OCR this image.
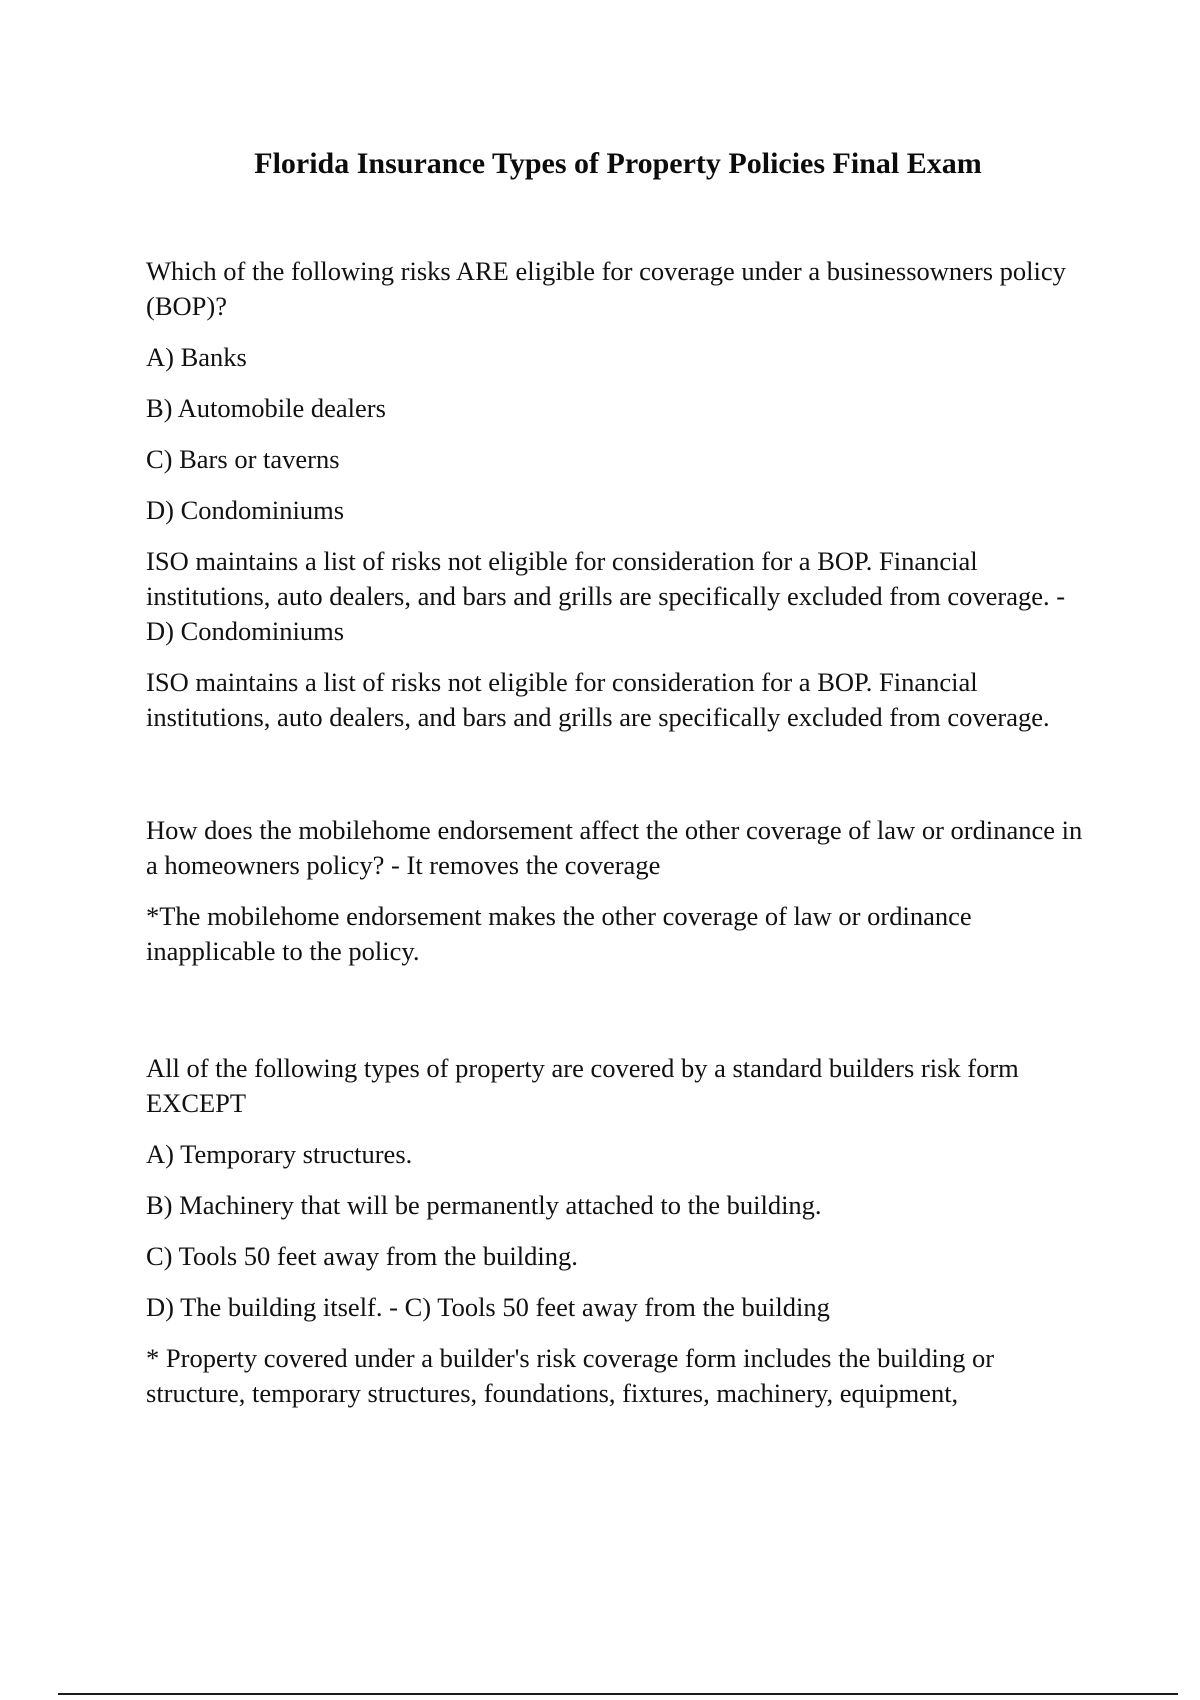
Florida Insurance Types of Property Policies Final Exam

Which of the following risks ARE eligible for coverage under a businessowners policy (BOP)?

A) Banks

B) Automobile dealers

C) Bars or taverns

D) Condominiums

ISO maintains a list of risks not eligible for consideration for a BOP. Financial institutions, auto dealers, and bars and grills are specifically excluded from coverage. - D) Condominiums

ISO maintains a list of risks not eligible for consideration for a BOP. Financial institutions, auto dealers, and bars and grills are specifically excluded from coverage.

How does the mobilehome endorsement affect the other coverage of law or ordinance in a homeowners policy? - It removes the coverage

*The mobilehome endorsement makes the other coverage of law or ordinance inapplicable to the policy.

All of the following types of property are covered by a standard builders risk form EXCEPT

A) Temporary structures.

B) Machinery that will be permanently attached to the building.

C) Tools 50 feet away from the building.

D) The building itself. - C) Tools 50 feet away from the building

* Property covered under a builder's risk coverage form includes the building or structure, temporary structures, foundations, fixtures, machinery, equipment,
